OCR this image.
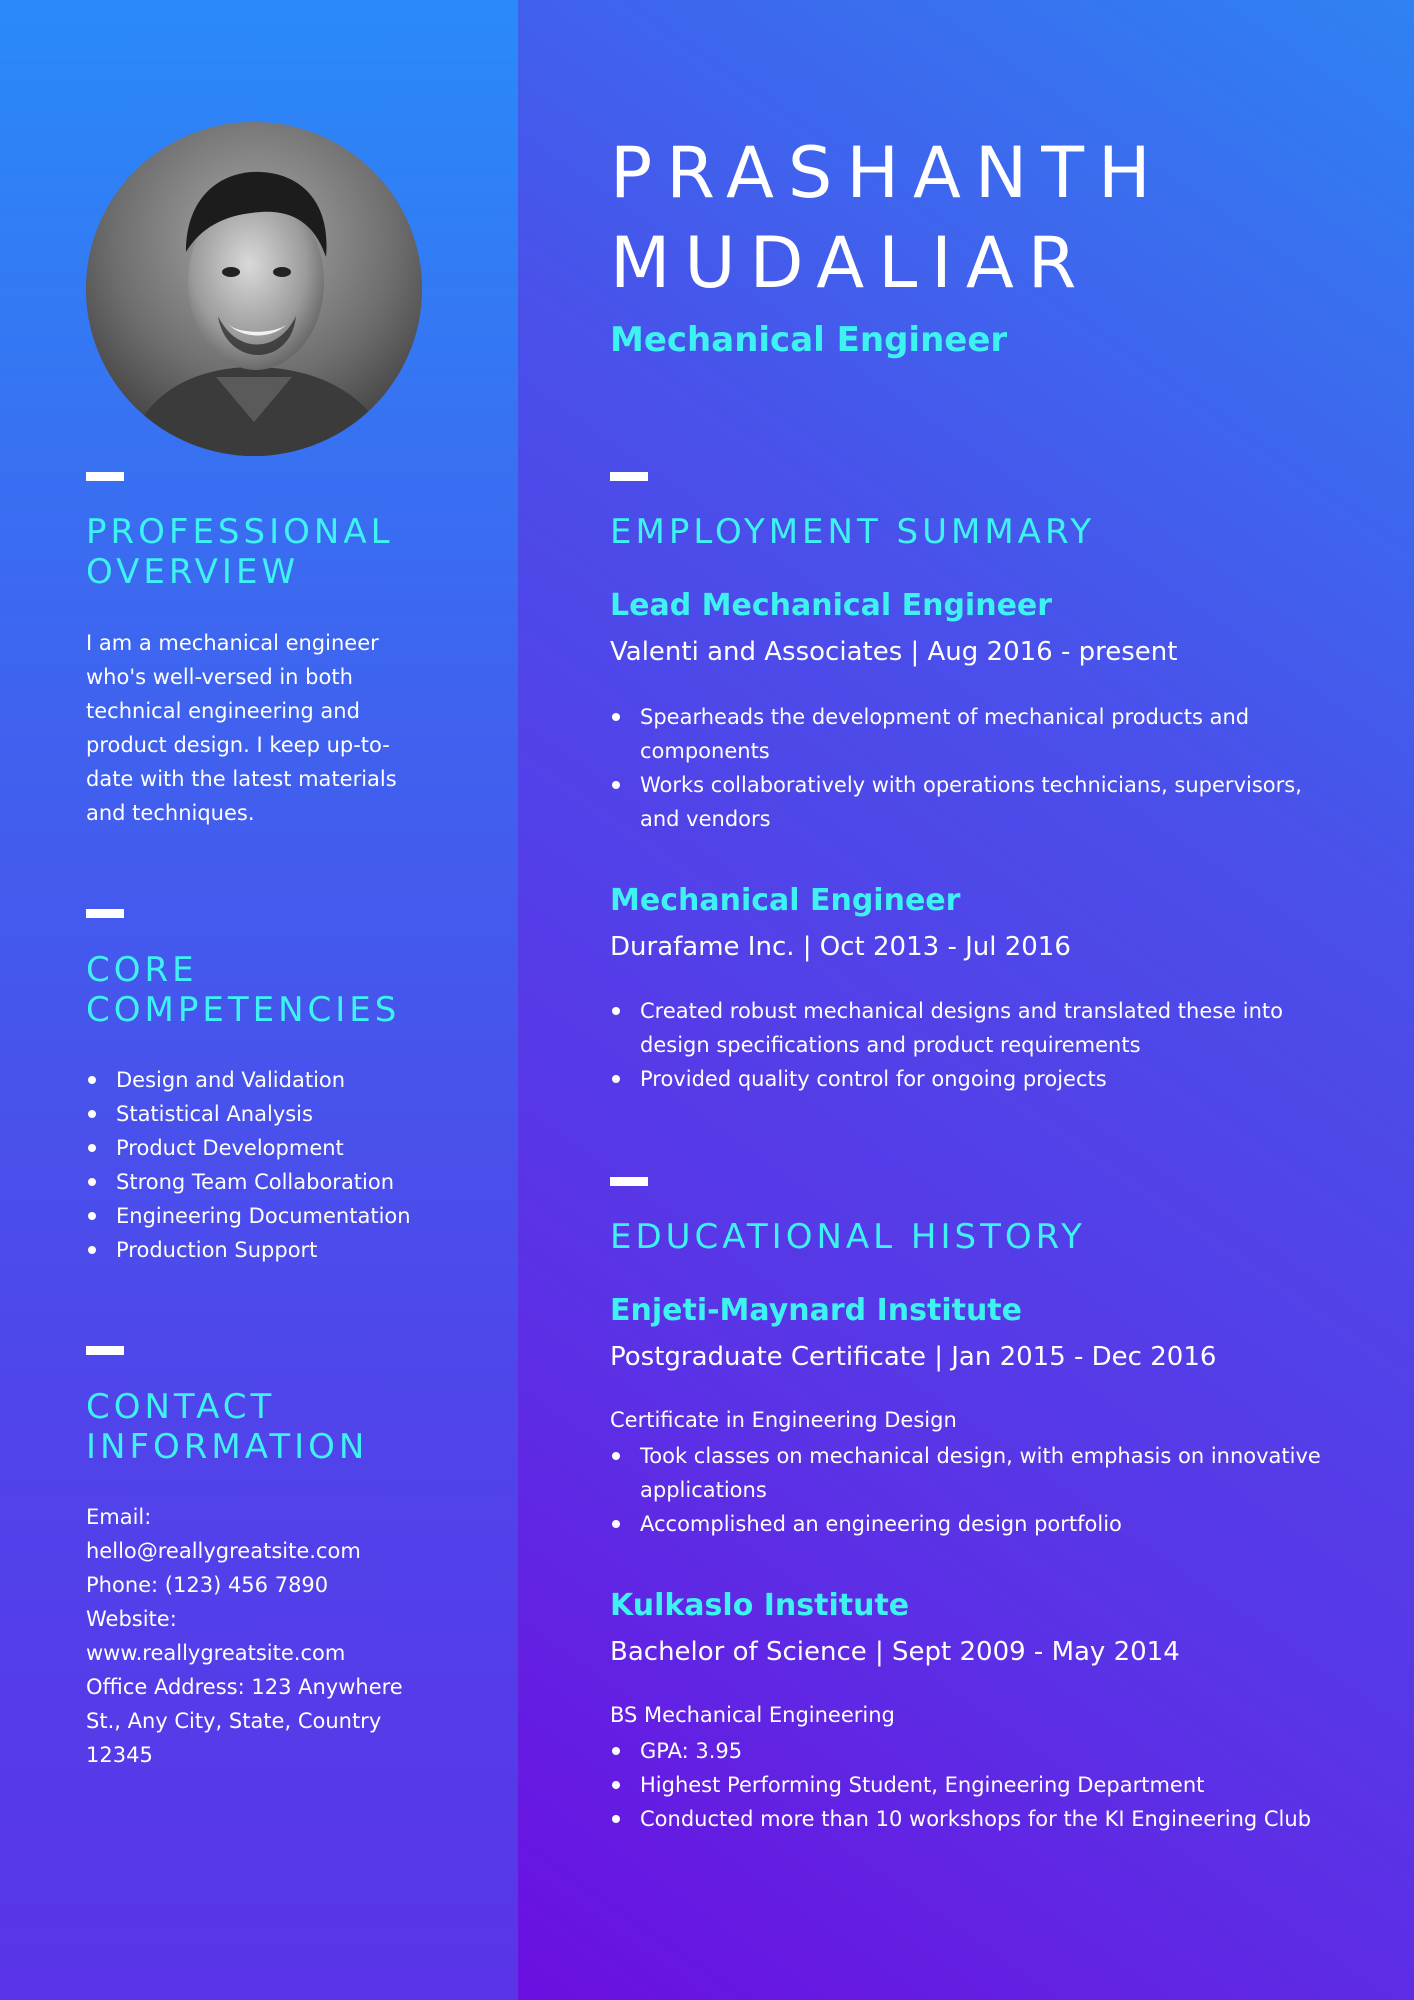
PROFESSIONAL
OVERVIEW

I am a mechanical engineer who's well-versed in both technical engineering and product design. I keep up-to-date with the latest materials and techniques.

CORE
COMPETENCIES
Design and Validation
Statistical Analysis
Product Development
Strong Team Collaboration
Engineering Documentation
Production Support
CONTACT
INFORMATION
Email:
hello@reallygreatsite.com
Phone: (123) 456 7890
Website:
www.reallygreatsite.com
Office Address: 123 Anywhere
St., Any City, State, Country
12345
PRASHANTH
MUDALIAR
Mechanical Engineer
EMPLOYMENT SUMMARY
Lead Mechanical Engineer
Valenti and Associates | Aug 2016 - present
Spearheads the development of mechanical products and components
Works collaboratively with operations technicians, supervisors, and vendors
Mechanical Engineer
Durafame Inc. | Oct 2013 - Jul 2016
Created robust mechanical designs and translated these into design specifications and product requirements
Provided quality control for ongoing projects
EDUCATIONAL HISTORY
Enjeti-Maynard Institute
Postgraduate Certificate | Jan 2015 - Dec 2016
Certificate in Engineering Design
Took classes on mechanical design, with emphasis on innovative applications
Accomplished an engineering design portfolio
Kulkaslo Institute
Bachelor of Science | Sept 2009 - May 2014
BS Mechanical Engineering
GPA: 3.95
Highest Performing Student, Engineering Department
Conducted more than 10 workshops for the KI Engineering Club
